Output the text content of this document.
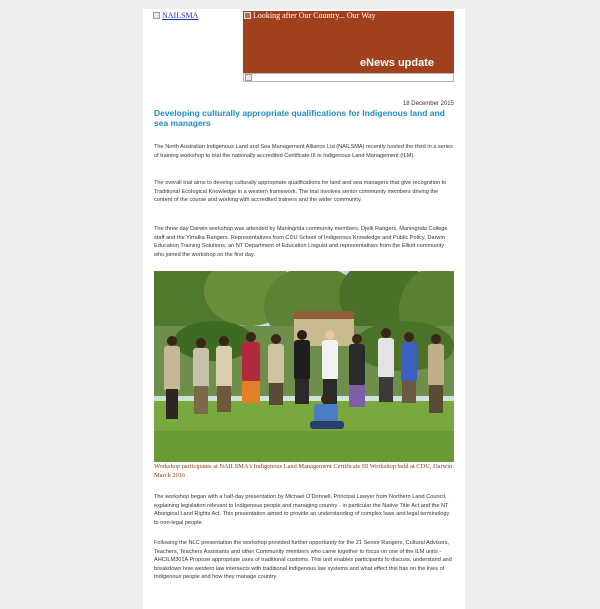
NAILSMA	Looking after Our Country... Our Way
eNews update
18 December 2015
Developing culturally appropriate qualifications for Indigenous land and sea managers

The North Australian Indigenous Land and Sea Management Alliance Ltd (NAILSMA) recently hosted the third in a series of training workshop to trial the nationally accredited Certificate III in Indigenous Land Management (ILM).

The overall trial aims to develop culturally appropriate qualifications for land and sea managers that give recognition to Traditional Ecological Knowledge in a western framework. The trial involves senior community members driving the content of the course and working with accredited trainers and the wider community.

The three day Darwin workshop was attended by Maningrida community members, Djelk Rangers, Maningrida College staff and the Yirralka Rangers. Representatives from CDU School of Indigenous Knowledge and Public Policy, Darwin Education Training Solutions, an NT Department of Education Linguist and representatives from the Elliott community who joined the workshop on the first day.

Workshop participants at NAILSMA's Indigenous Land Management Certificate III Workshop held at CDU, Darwin March 2016

The workshop began with a half-day presentation by Michael O'Donnell, Principal Lawyer from Northern Land Council, explaining legislation relevant to Indigenous people and managing country - in particular the Native Title Act and the NT Aboriginal Land Rights Act. This presentation aimed to provide an understanding of complex laws and legal terminology to non-legal people.

Following the NLC presentation the workshop provided further opportunity for the 21 Senior Rangers, Cultural Advisors, Teachers, Teachers Assistants and other Community members who came together to focus on one of the ILM units - AHCILM301A Propose appropriate uses of traditional customs. This unit enables participants to discuss, understand and breakdown how western law intersects with traditional Indigenous law systems and what effect this has on the lives of Indigenous people and how they manage country.
